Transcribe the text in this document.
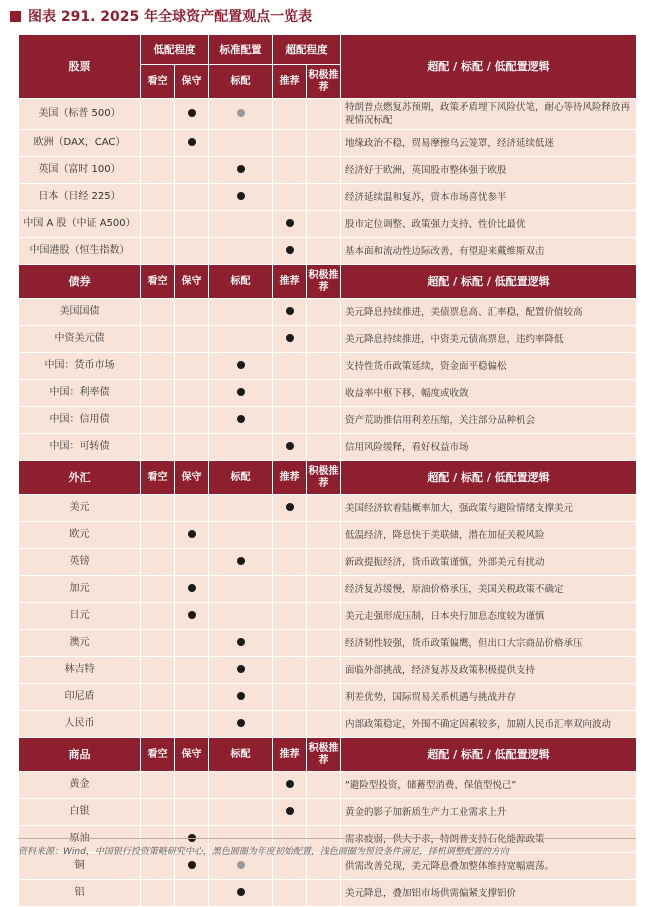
图表 291. 2025 年全球资产配置观点一览表
股票	低配程度		标准配置	超配程度		超配 / 标配 / 低配置逻辑
	看空	保守	标配	推荐	积极推荐	
美国（标普 500）						特朗普点燃复苏预期，政策矛盾埋下风险伏笔，耐心等待风险释放再视情况标配
欧洲（DAX，CAC）						地缘政治不稳，贸易摩擦乌云笼罩，经济延续低迷
英国（富时 100）						经济好于欧洲，英国股市整体强于欧股
日本（日经 225）						经济延续温和复苏，资本市场喜忧参半
中国 A 股（中证 A500）						股市定位调整、政策强力支持、性价比最优
中国港股（恒生指数）						基本面和流动性边际改善，有望迎来戴维斯双击
债券	看空	保守	标配	推荐	积极推荐	超配 / 标配 / 低配置逻辑
美国国债						美元降息持续推进，美债票息高、汇率稳，配置价值较高
中资美元债						美元降息持续推进，中资美元债高票息，违约率降低
中国：货币市场						支持性货币政策延续，资金面平稳偏松
中国：利率债						收益率中枢下移，幅度或收敛
中国：信用债						资产荒助推信用利差压缩，关注部分品种机会
中国：可转债						信用风险缓释，看好权益市场
外汇	看空	保守	标配	推荐	积极推荐	超配 / 标配 / 低配置逻辑
美元						美国经济软着陆概率加大，强政策与避险情绪支撑美元
欧元						低温经济，降息快于美联储，潜在加征关税风险
英镑						新政提振经济，货币政策谨慎，外部美元有扰动
加元						经济复苏缓慢，原油价格承压，美国关税政策不确定
日元						美元走强形成压制，日本央行加息态度较为谨慎
澳元						经济韧性较强，货币政策偏鹰，但出口大宗商品价格承压
林吉特						面临外部挑战，经济复苏及政策积极提供支持
印尼盾						利差优势，国际贸易关系机遇与挑战并存
人民币						内部政策稳定，外围不确定因素较多，加剧人民币汇率双向波动
商品	看空	保守	标配	推荐	积极推荐	超配 / 标配 / 低配置逻辑
黄金						“避险型投资，储蓄型消费、保值型悦己”
白银						黄金的影子加新质生产力工业需求上升
原油						需求疲弱，供大于求，特朗普支持石化能源政策
铜						供需改善兑现，美元降息叠加整体维持宽幅震荡。
铝						美元降息，叠加铝市场供需偏紧支撑铝价
资料来源：Wind，中国银行投资策略研究中心，黑色圆圈为年度初始配置，浅色圆圈为预设条件满足，择机调整配置的方向
